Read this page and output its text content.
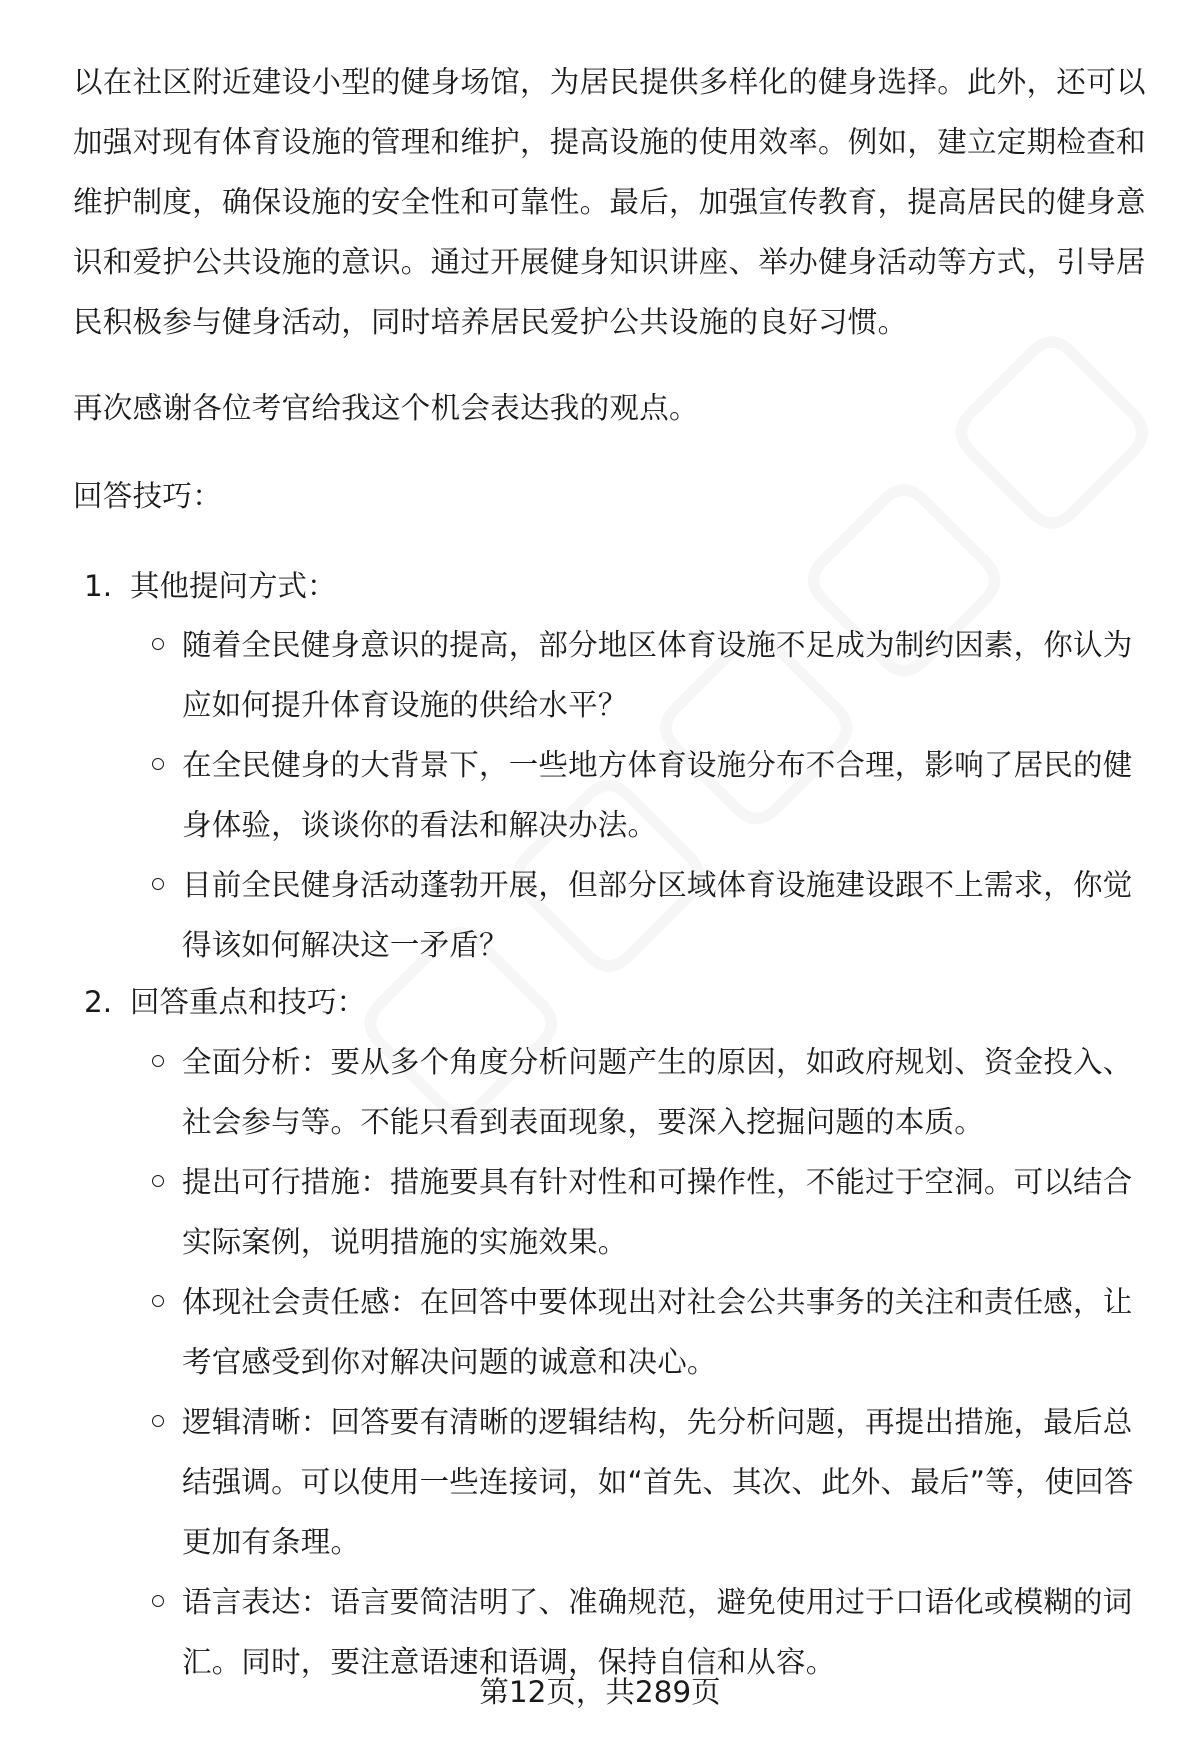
以在社区附近建设小型的健身场馆，为居民提供多样化的健身选择。此外，还可以加强对现有体育设施的管理和维护，提高设施的使用效率。例如，建立定期检查和维护制度，确保设施的安全性和可靠性。最后，加强宣传教育，提高居民的健身意识和爱护公共设施的意识。通过开展健身知识讲座、举办健身活动等方式，引导居民积极参与健身活动，同时培养居民爱护公共设施的良好习惯。

再次感谢各位考官给我这个机会表达我的观点。

回答技巧：

1. 其他提问方式：
随着全民健身意识的提高，部分地区体育设施不足成为制约因素，你认为应如何提升体育设施的供给水平？
在全民健身的大背景下，一些地方体育设施分布不合理，影响了居民的健身体验，谈谈你的看法和解决办法。
目前全民健身活动蓬勃开展，但部分区域体育设施建设跟不上需求，你觉得该如何解决这一矛盾？
2. 回答重点和技巧：
全面分析：要从多个角度分析问题产生的原因，如政府规划、资金投入、社会参与等。不能只看到表面现象，要深入挖掘问题的本质。
提出可行措施：措施要具有针对性和可操作性，不能过于空洞。可以结合实际案例，说明措施的实施效果。
体现社会责任感：在回答中要体现出对社会公共事务的关注和责任感，让考官感受到你对解决问题的诚意和决心。
逻辑清晰：回答要有清晰的逻辑结构，先分析问题，再提出措施，最后总结强调。可以使用一些连接词，如“首先、其次、此外、最后”等，使回答更加有条理。
语言表达：语言要简洁明了、准确规范，避免使用过于口语化或模糊的词汇。同时，要注意语速和语调，保持自信和从容。
第12页，共289页
